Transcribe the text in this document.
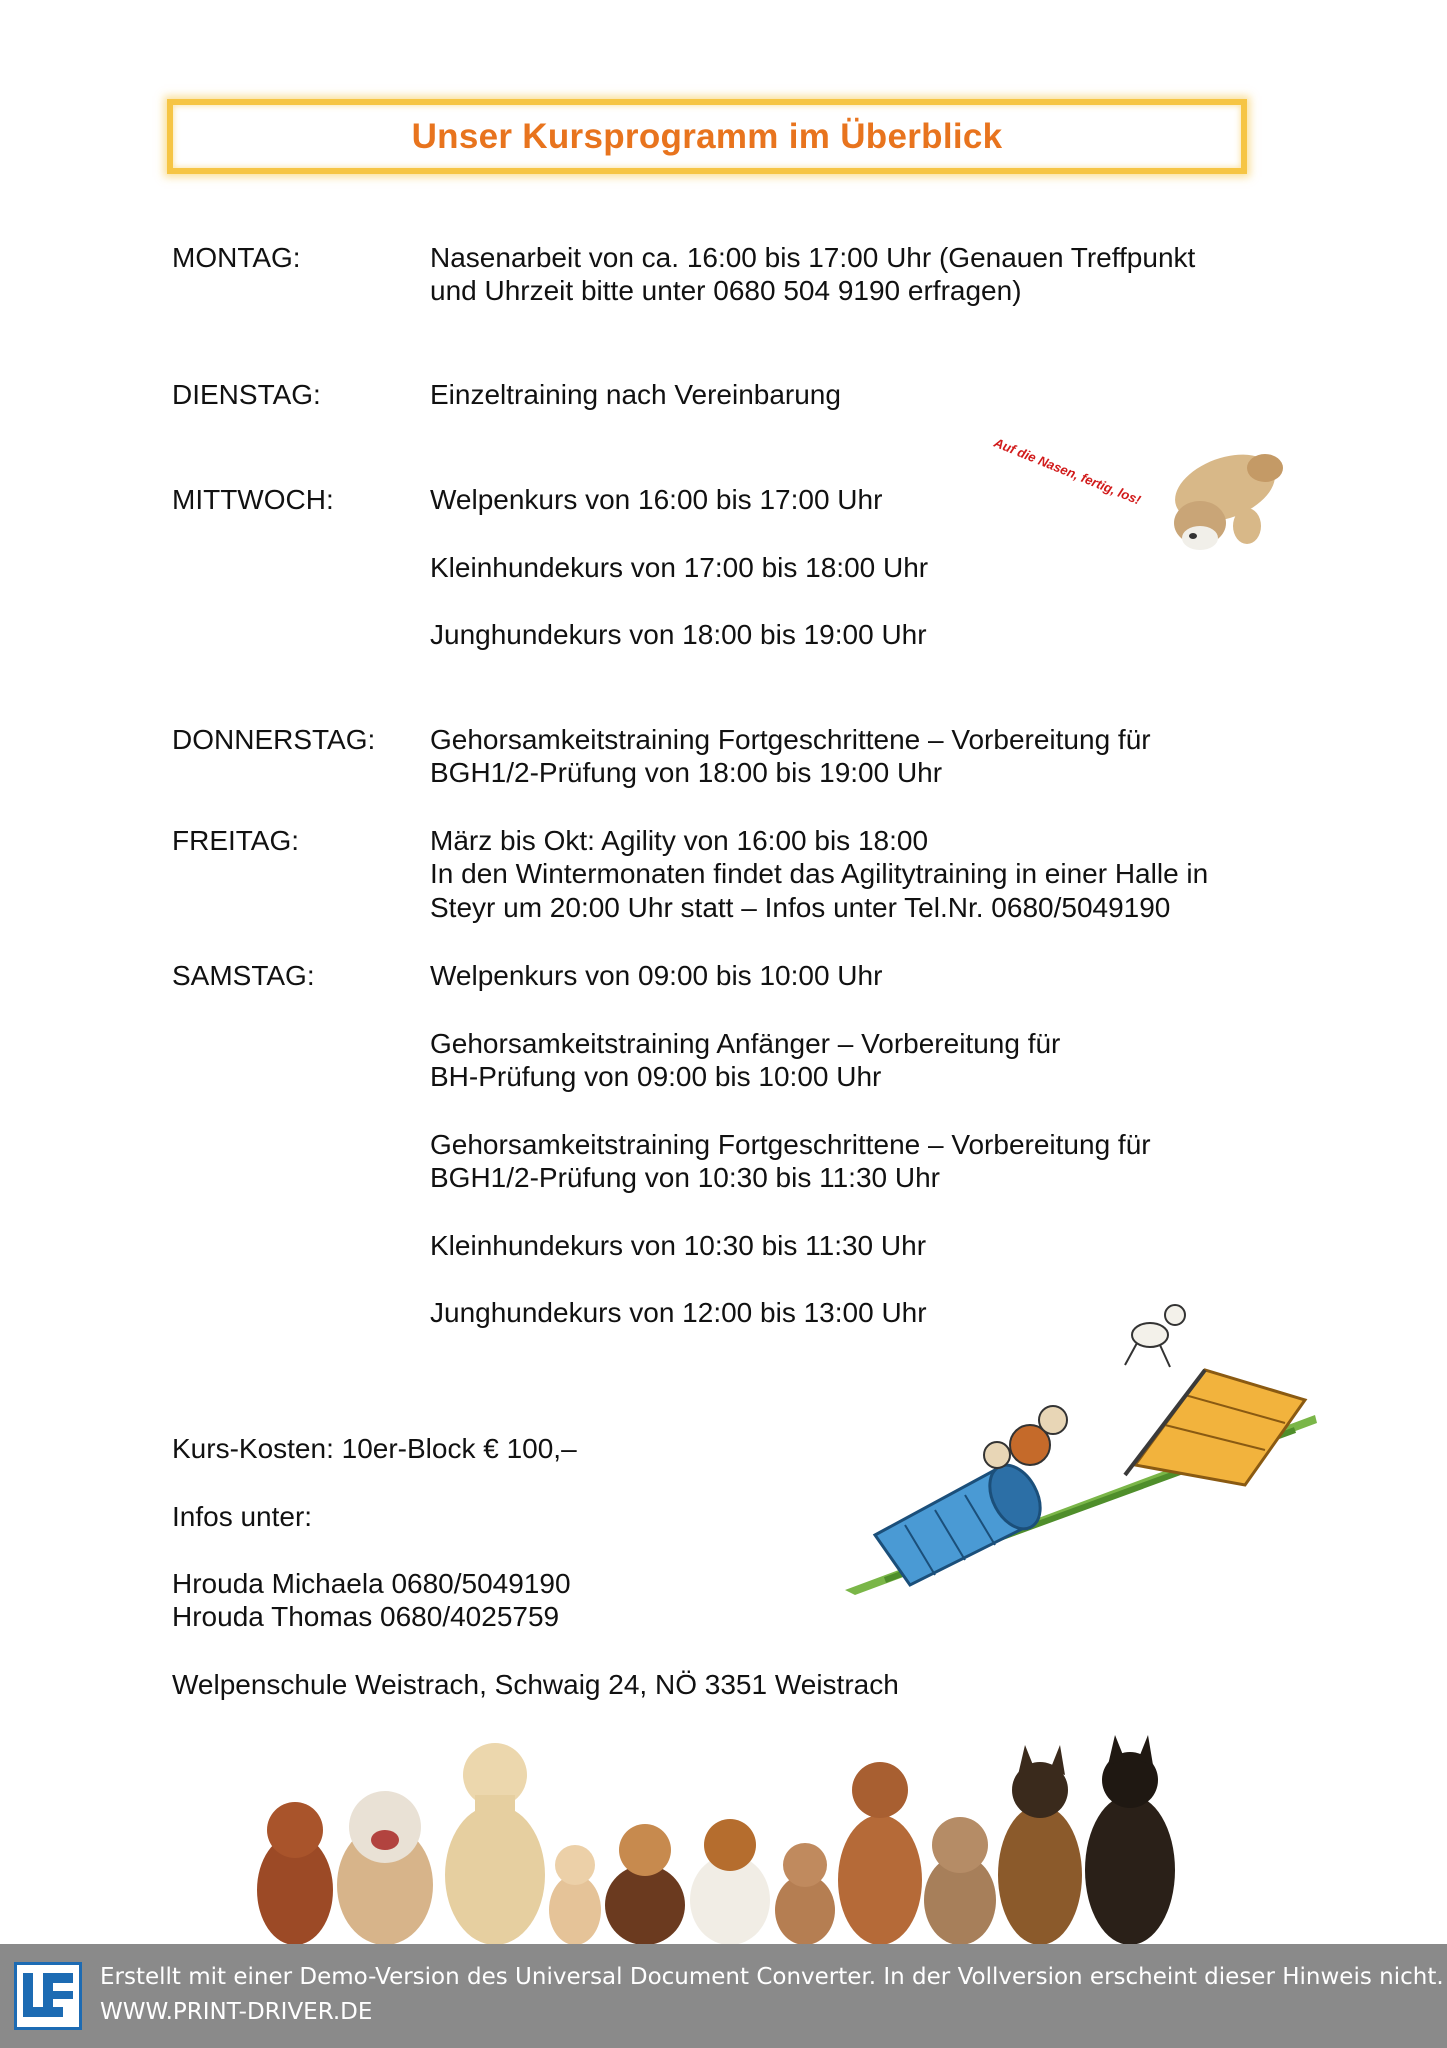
Unser Kursprogramm im Überblick
MONTAG:	Nasenarbeit von ca. 16:00 bis 17:00 Uhr (Genauen Treffpunkt
und Uhrzeit bitte unter 0680 504 9190 erfragen)
DIENSTAG:	Einzeltraining nach Vereinbarung
MITTWOCH:	Welpenkurs von 16:00 bis 17:00 Uhr
Kleinhundekurs von 17:00 bis 18:00 Uhr
Junghundekurs von 18:00 bis 19:00 Uhr
DONNERSTAG: Gehorsamkeitstraining Fortgeschrittene – Vorbereitung für
BGH1/2-Prüfung von 18:00 bis 19:00 Uhr
FREITAG:	März bis Okt: Agility von 16:00 bis 18:00
In den Wintermonaten findet das Agilitytraining in einer Halle in
Steyr um 20:00 Uhr statt – Infos unter Tel.Nr. 0680/5049190
SAMSTAG:	Welpenkurs von 09:00 bis 10:00 Uhr
Gehorsamkeitstraining Anfänger – Vorbereitung für
BH-Prüfung von 09:00 bis 10:00 Uhr
Gehorsamkeitstraining Fortgeschrittene – Vorbereitung für
BGH1/2-Prüfung von 10:30 bis 11:30 Uhr
Kleinhundekurs von 10:30 bis 11:30 Uhr
Junghundekurs von 12:00 bis 13:00 Uhr
Kurs-Kosten: 10er-Block € 100,–
Infos unter:
Hrouda Michaela 0680/5049190
Hrouda Thomas 0680/4025759
Welpenschule Weistrach, Schwaig 24, NÖ 3351 Weistrach
Auf die Nasen, fertig, los!
Erstellt mit einer Demo-Version des Universal Document Converter. In der Vollversion erscheint dieser Hinweis nicht.
WWW.PRINT-DRIVER.DE
